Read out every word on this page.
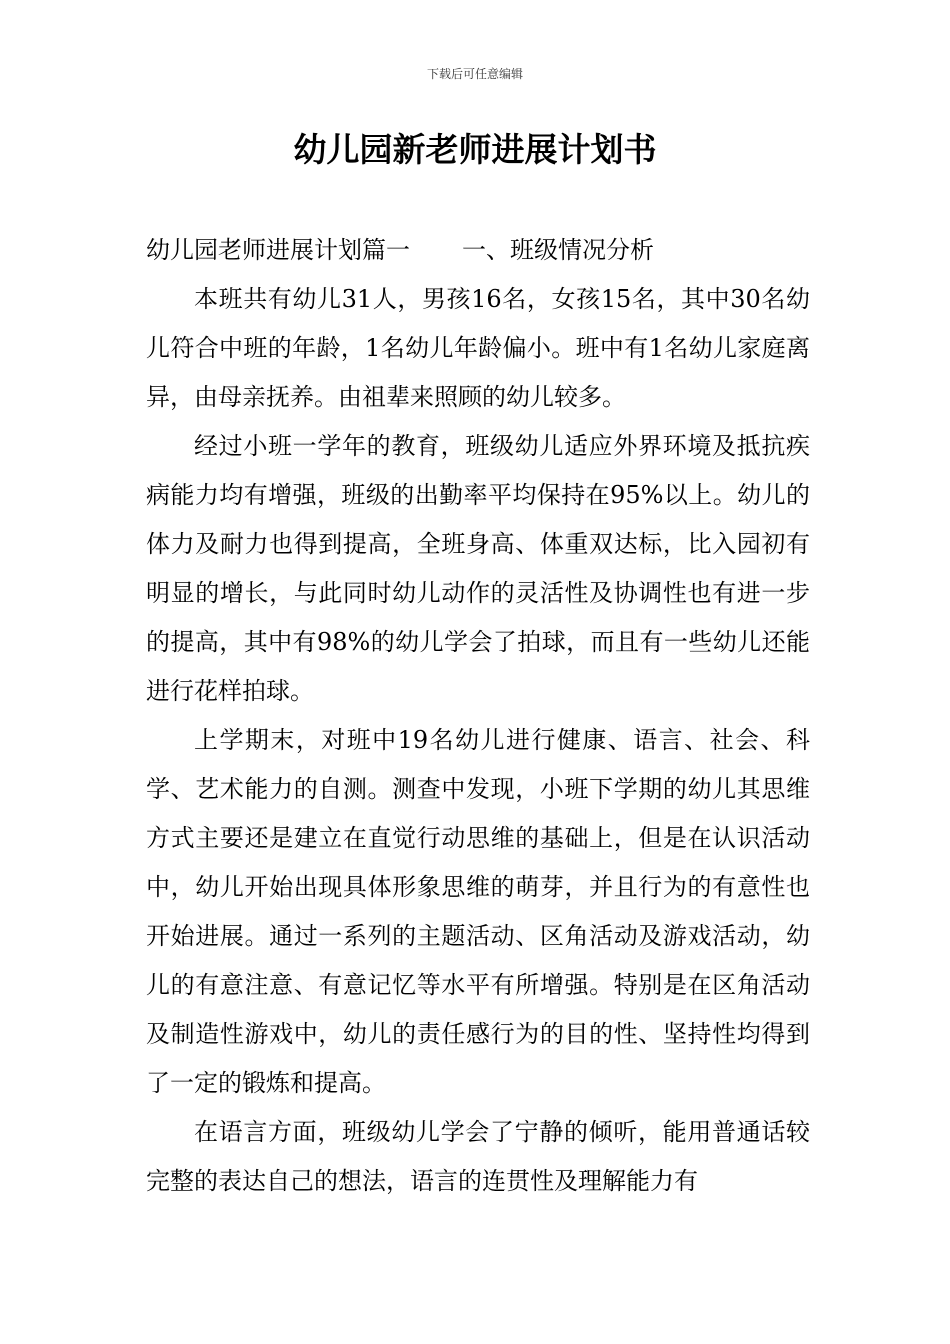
下载后可任意编辑
幼儿园新老师进展计划书

幼儿园老师进展计划篇一 一、班级情况分析

本班共有幼儿31人，男孩16名，女孩15名，其中30名幼儿符合中班的年龄，1名幼儿年龄偏小。班中有1名幼儿家庭离异，由母亲抚养。由祖辈来照顾的幼儿较多。

经过小班一学年的教育，班级幼儿适应外界环境及抵抗疾病能力均有增强，班级的出勤率平均保持在95%以上。幼儿的体力及耐力也得到提高，全班身高、体重双达标，比入园初有明显的增长，与此同时幼儿动作的灵活性及协调性也有进一步的提高，其中有98%的幼儿学会了拍球，而且有一些幼儿还能进行花样拍球。

上学期末，对班中19名幼儿进行健康、语言、社会、科学、艺术能力的自测。测查中发现，小班下学期的幼儿其思维方式主要还是建立在直觉行动思维的基础上，但是在认识活动中，幼儿开始出现具体形象思维的萌芽，并且行为的有意性也开始进展。通过一系列的主题活动、区角活动及游戏活动，幼儿的有意注意、有意记忆等水平有所增强。特别是在区角活动及制造性游戏中，幼儿的责任感行为的目的性、坚持性均得到了一定的锻炼和提高。

在语言方面，班级幼儿学会了宁静的倾听，能用普通话较完整的表达自己的想法，语言的连贯性及理解能力有
